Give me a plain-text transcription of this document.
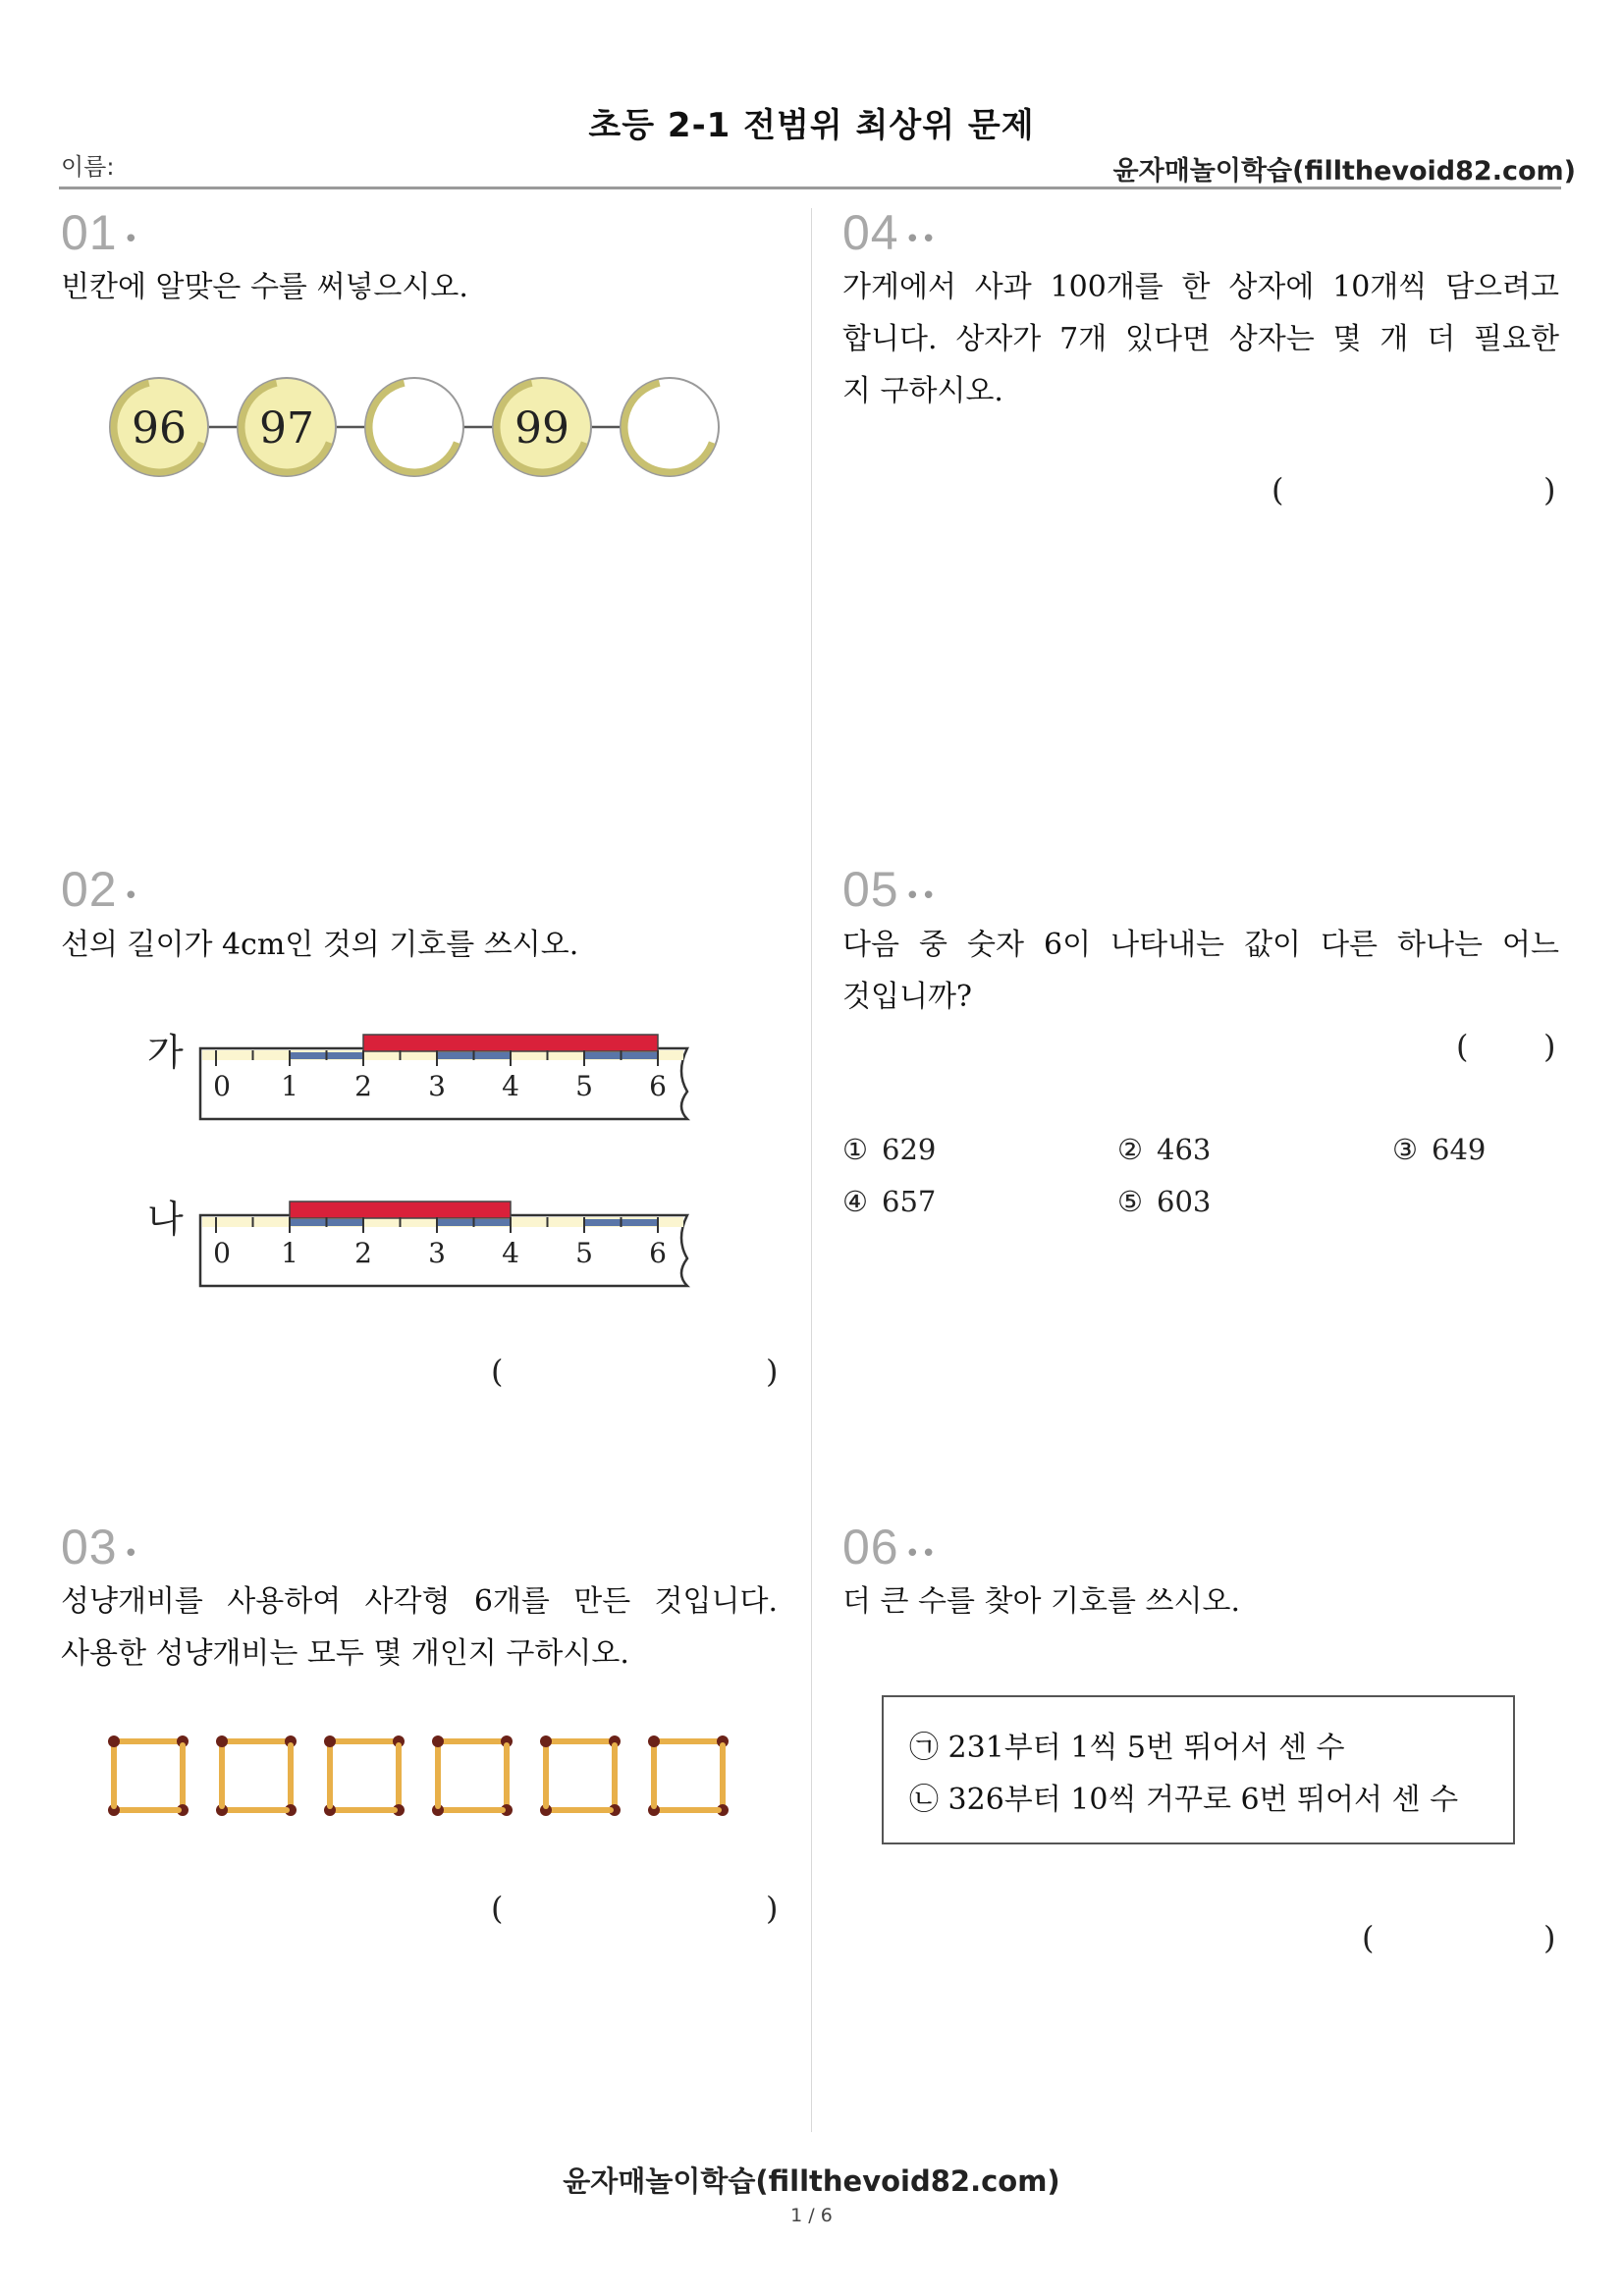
초등 2-1 전범위 최상위 문제
이름:	윤자매놀이학습(fillthevoid82.com)
01 •
빈칸에 알맞은 수를 써넣으시오.
96 97	99
02 •
선의 길이가 4cm인 것의 기호를 쓰시오.
가
0 1 2 3 4 5 6
나
0 1 2 3 4 5 6
(	)
03 •
성냥개비를 사용하여 사각형 6개를 만든 것입니다.
사용한 성냥개비는 모두 몇 개인지 구하시오.
(	)
04 ••
가게에서 사과 100개를 한 상자에 10개씩 담으려고
합니다. 상자가 7개 있다면 상자는 몇 개 더 필요한
지 구하시오.
(	)
05 ••
다음 중 숫자 6이 나타내는 값이 다른 하나는 어느
것입니까?
( )
① 629	② 463	③ 649
④ 657	⑤ 603
06 ••
더 큰 수를 찾아 기호를 쓰시오.
㉠ 231부터 1씩 5번 뛰어서 센 수
㉡ 326부터 10씩 거꾸로 6번 뛰어서 센 수
(	)
윤자매놀이학습(fillthevoid82.com)
1 / 6
